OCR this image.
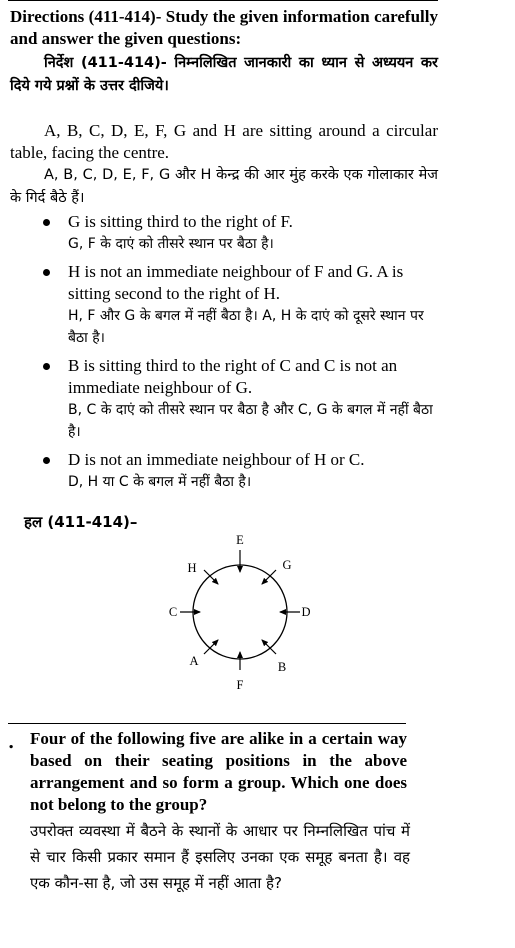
Directions (411-414)- Study the given information carefully and answer the given questions:
निर्देश (411-414)- निम्नलिखित जानकारी का ध्यान से अध्ययन कर दिये गये प्रश्नों के उत्तर दीजिये।
A, B, C, D, E, F, G and H are sitting around a circular table, facing the centre.
A, B, C, D, E, F, G और H केन्द्र की आर मुंह करके एक गोलाकार मेज के गिर्द बैठे हैं।
G is sitting third to the right of F.
G, F के दाएं को तीसरे स्थान पर बैठा है।
H is not an immediate neighbour of F and G. A is sitting second to the right of H.
H, F और G के बगल में नहीं बैठा है। A, H के दाएं को दूसरे स्थान पर बैठा है।
B is sitting third to the right of C and C is not an immediate neighbour of G.
B, C के दाएं को तीसरे स्थान पर बैठा है और C, G के बगल में नहीं बैठा है।
D is not an immediate neighbour of H or C.
D, H या C के बगल में नहीं बैठा है।
हल (411-414)–
E
G
D
B
F
A
C
H
. Four of the following five are alike in a certain way based on their seating positions in the above arrangement and so form a group. Which one does not belong to the group?
उपरोक्त व्यवस्था में बैठने के स्थानों के आधार पर निम्नलिखित पांच में से चार किसी प्रकार समान हैं इसलिए उनका एक समूह बनता है। वह एक कौन-सा है, जो उस समूह में नहीं आता है?
